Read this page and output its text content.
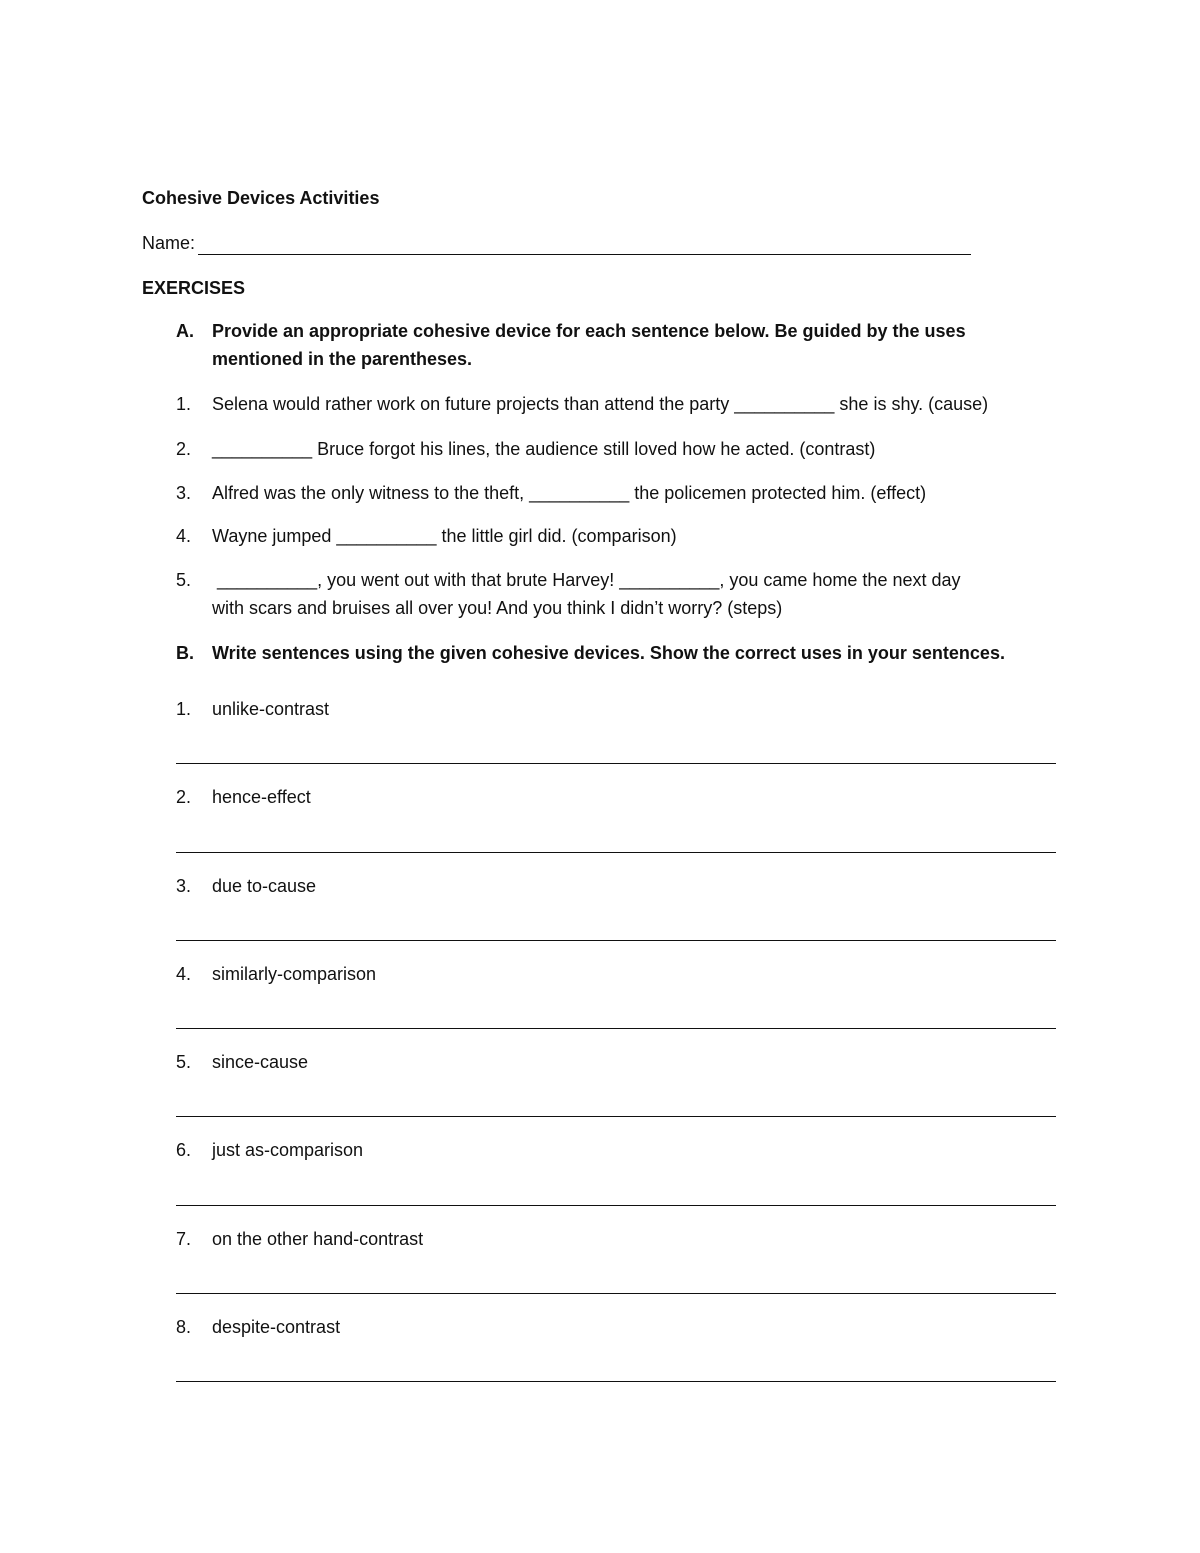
Cohesive Devices Activities
Name:
EXERCISES
A.	Provide an appropriate cohesive device for each sentence below. Be guided by the uses
mentioned in the parentheses.
1.	Selena would rather work on future projects than attend the party __________ she is shy. (cause)
2.	__________ Bruce forgot his lines, the audience still loved how he acted. (contrast)
3.	Alfred was the only witness to the theft, __________ the policemen protected him. (effect)
4.	Wayne jumped __________ the little girl did. (comparison)
5.	__________, you went out with that brute Harvey! __________, you came home the next day
with scars and bruises all over you! And you think I didn’t worry? (steps)
B.	Write sentences using the given cohesive devices. Show the correct uses in your sentences.
1.	unlike-contrast
2.	hence-effect
3.	due to-cause
4.	similarly-comparison
5.	since-cause
6.	just as-comparison
7.	on the other hand-contrast
8.	despite-contrast
